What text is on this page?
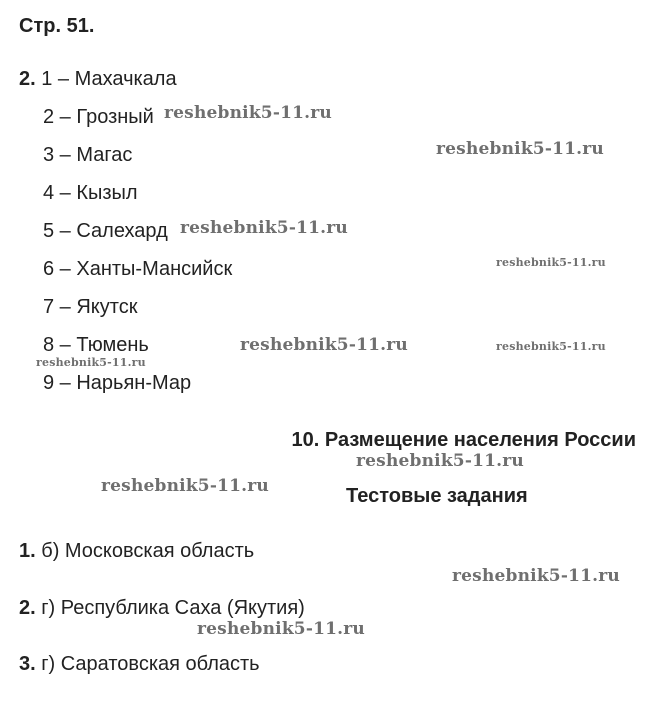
Стр. 51.
2. 1 – Махачкала
2 – Грозный
3 – Магас
4 – Кызыл
5 – Салехард
6 – Ханты-Мансийск
7 – Якутск
8 – Тюмень
9 – Нарьян-Мар
10. Размещение населения России
Тестовые задания
1. б) Московская область
2. г) Республика Саха (Якутия)
3. г) Саратовская область
reshebnik5-11.ru
reshebnik5-11.ru
reshebnik5-11.ru
reshebnik5-11.ru
reshebnik5-11.ru	reshebnik5-11.ru
reshebnik5-11.ru
reshebnik5-11.ru
reshebnik5-11.ru
reshebnik5-11.ru
reshebnik5-11.ru
